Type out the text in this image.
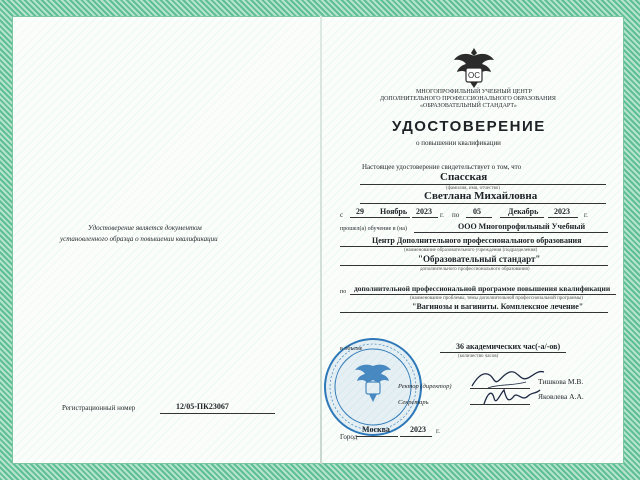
Удостоверение является документом
установленного образца о повышении квалификации
Регистрационный номер	12/05-ПК23067
ОС
МНОГОПРОФИЛЬНЫЙ УЧЕБНЫЙ ЦЕНТР
ДОПОЛНИТЕЛЬНОГО ПРОФЕССИОНАЛЬНОГО ОБРАЗОВАНИЯ
«ОБРАЗОВАТЕЛЬНЫЙ СТАНДАРТ»
УДОСТОВЕРЕНИЕ
о повышении квалификации
Настоящее удостоверение свидетельствует о том, что
Спасская
(фамилия, имя, отчество)
Светлана Михайловна
с 29 Ноябрь 2023 г. по 05	Декабрь 2023 г.
прошел(а) обучение в (на)	ООО Многопрофильный Учебный
Центр Дополнительного профессионального образования
(наименование образовательного учреждения (подразделения)
"Образовательный стандарт"
дополнительного профессионального образования)
по дополнительной профессиональной программе повышения квалификации
(наименование проблемы, темы дополнительной профессиональной программы)
"Вагинозы и вагиниты. Комплексное лечение"
в объеме	36 академических час(-а/-ов)
(количество часов)
Ректор (директор)
Тишкова М.В.
Секретарь
Яковлева А.А.
Город
Москва	2023 г.
